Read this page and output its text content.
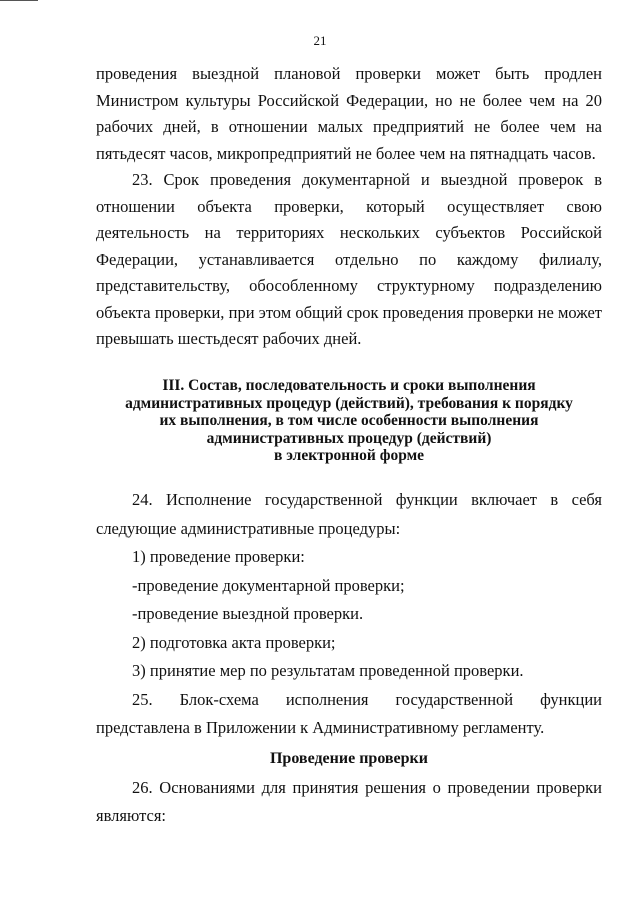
21

проведения выездной плановой проверки может быть продлен Министром культуры Российской Федерации, но не более чем на 20 рабочих дней, в отношении малых предприятий не более чем на пятьдесят часов, микропредприятий не более чем на пятнадцать часов.

23. Срок проведения документарной и выездной проверок в отношении объекта проверки, который осуществляет свою деятельность на территориях нескольких субъектов Российской Федерации, устанавливается отдельно по каждому филиалу, представительству, обособленному структурному подразделению объекта проверки, при этом общий срок проведения проверки не может превышать шестьдесят рабочих дней.

III. Состав, последовательность и сроки выполнения
административных процедур (действий), требования к порядку
их выполнения, в том числе особенности выполнения
административных процедур (действий)
в электронной форме

24. Исполнение государственной функции включает в себя следующие административные процедуры:

1) проведение проверки:

-проведение документарной проверки;

-проведение выездной проверки.

2) подготовка акта проверки;

3) принятие мер по результатам проведенной проверки.

25. Блок-схема исполнения государственной функции представлена в Приложении к Административному регламенту.

Проведение проверки

26. Основаниями для принятия решения о проведении проверки являются:
